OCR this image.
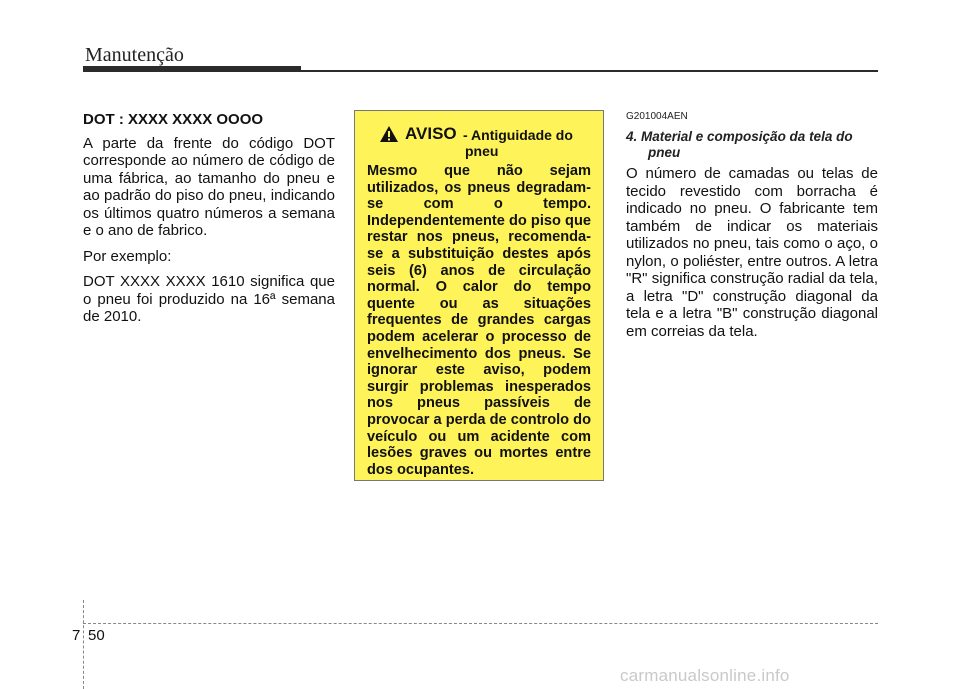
Manutenção

DOT : XXXX XXXX OOOO

A parte da frente do código DOT corresponde ao número de código de uma fábrica, ao tamanho do pneu e ao padrão do piso do pneu, indicando os últimos quatro números a semana e o ano de fabrico.

Por exemplo:

DOT XXXX XXXX 1610 significa que o pneu foi produzido na 16ª semana de 2010.

AVISO - Antiguidade do
pneu
Mesmo que não sejam utilizados, os pneus degradam-se com o tempo. Independentemente do piso que restar nos pneus, recomenda-se a substituição destes após seis (6) anos de circulação normal. O calor do tempo quente ou as situações frequentes de grandes cargas podem acelerar o processo de envelhecimento dos pneus. Se ignorar este aviso, podem surgir problemas inesperados nos pneus passíveis de provocar a perda de controlo do veículo ou um acidente com lesões graves ou mortes entre dos ocupantes.

G201004AEN

4. Material e composição da tela do
pneu

O número de camadas ou telas de tecido revestido com borracha é indicado no pneu. O fabricante tem também de indicar os materiais utilizados no pneu, tais como o aço, o nylon, o poliéster, entre outros. A letra "R" significa construção radial da tela, a letra "D" construção diagonal da tela e a letra "B" construção diagonal em correias da tela.

7 50
carmanualsonline.info
